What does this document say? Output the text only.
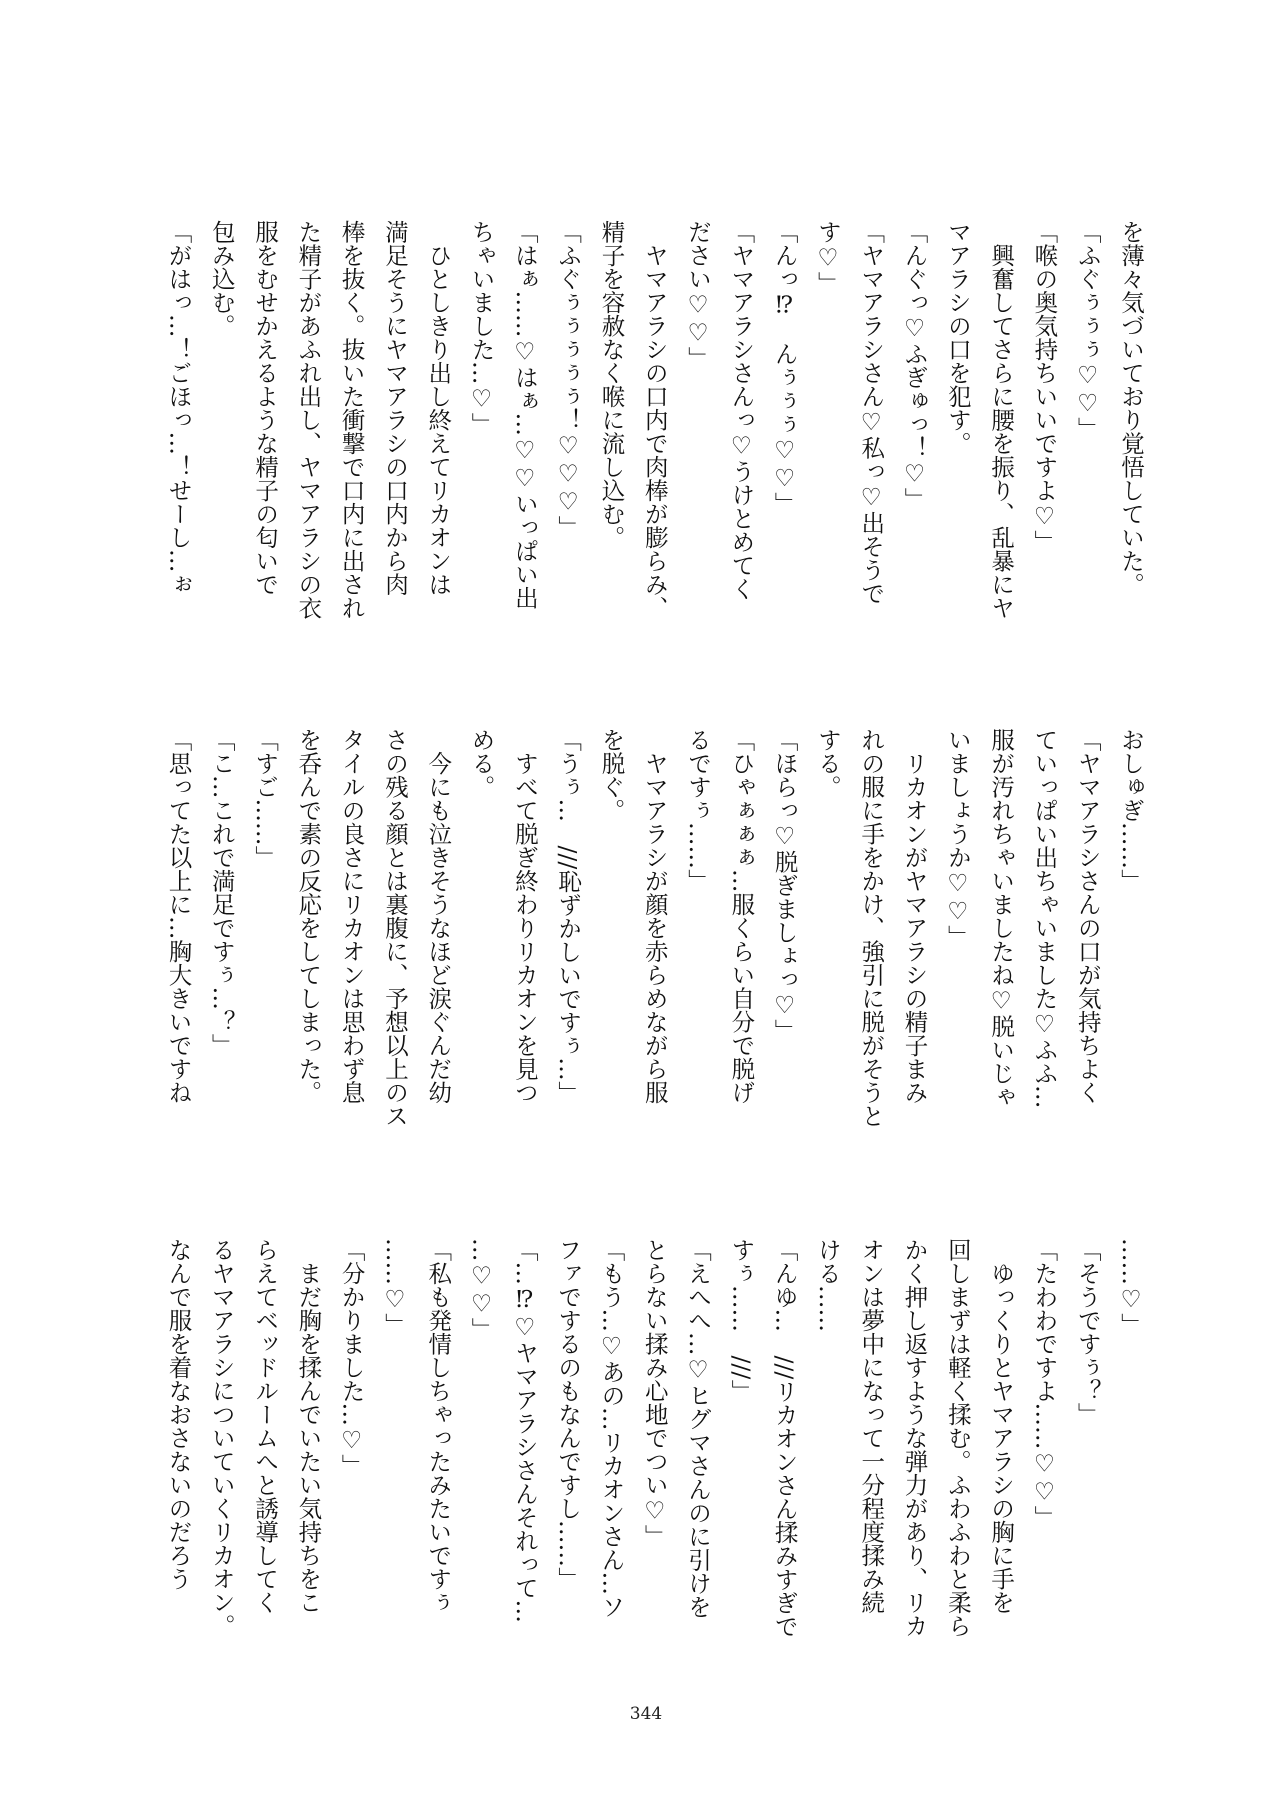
を薄々気づいており覚悟していた。

「ふぐぅぅぅ♡♡」

「喉の奥気持ちいいですよ♡」

　興奮してさらに腰を振り、乱暴にヤ

マアラシの口を犯す。

「んぐっ♡ふぎゅっ！♡」

「ヤマアラシさん♡私っ♡出そうで

す♡」

「んっ⁉　んぅぅぅ♡♡」

「ヤマアラシさんっ♡うけとめてく

ださい♡♡」

　ヤマアラシの口内で肉棒が膨らみ、

精子を容赦なく喉に流し込む。

「ふぐぅぅぅぅぅ！♡♡♡」

「はぁ……♡はぁ…♡♡いっぱい出

ちゃいました…♡」

　ひとしきり出し終えてリカオンは

満足そうにヤマアラシの口内から肉

棒を抜く。抜いた衝撃で口内に出され

た精子があふれ出し、ヤマアラシの衣

服をむせかえるような精子の匂いで

包み込む。

「がはっ…！ごほっ…！せーし…ぉ

おしゅぎ……」

「ヤマアラシさんの口が気持ちよく

ていっぱい出ちゃいました♡ふふ…

服が汚れちゃいましたね♡脱いじゃ

いましょうか♡♡」

　リカオンがヤマアラシの精子まみ

れの服に手をかけ、強引に脱がそうと

する。

「ほらっ♡脱ぎましょっ♡」

「ひゃぁぁぁ…服くらい自分で脱げ

るですぅ……」

　ヤマアラシが顔を赤らめながら服

を脱ぐ。

「うぅ…　///恥ずかしいですぅ…」

　すべて脱ぎ終わりリカオンを見つ

める。

　今にも泣きそうなほど涙ぐんだ幼

さの残る顔とは裏腹に、予想以上のス

タイルの良さにリカオンは思わず息

を呑んで素の反応をしてしまった。

「すご……」

「こ…これで満足ですぅ…？」

「思ってた以上に…胸大きいですね

……♡」

「そうですぅ？」

「たわわですよ……♡♡」

　ゆっくりとヤマアラシの胸に手を

回しまずは軽く揉む。ふわふわと柔ら

かく押し返すような弾力があり、リカ

オンは夢中になって一分程度揉み続

ける……

「んゆ…　///リカオンさん揉みすぎで

すぅ……　///」

「えへへ…♡ヒグマさんのに引けを

とらない揉み心地でつい♡」

「もう…♡あの…リカオンさん…ソ

ファでするのもなんですし……」

「…⁉♡ヤマアラシさんそれって…

…♡♡」

「私も発情しちゃったみたいですぅ

……♡」

「分かりました…♡」

　まだ胸を揉んでいたい気持ちをこ

らえてベッドルームへと誘導してく

るヤマアラシについていくリカオン。

なんで服を着なおさないのだろう

344
